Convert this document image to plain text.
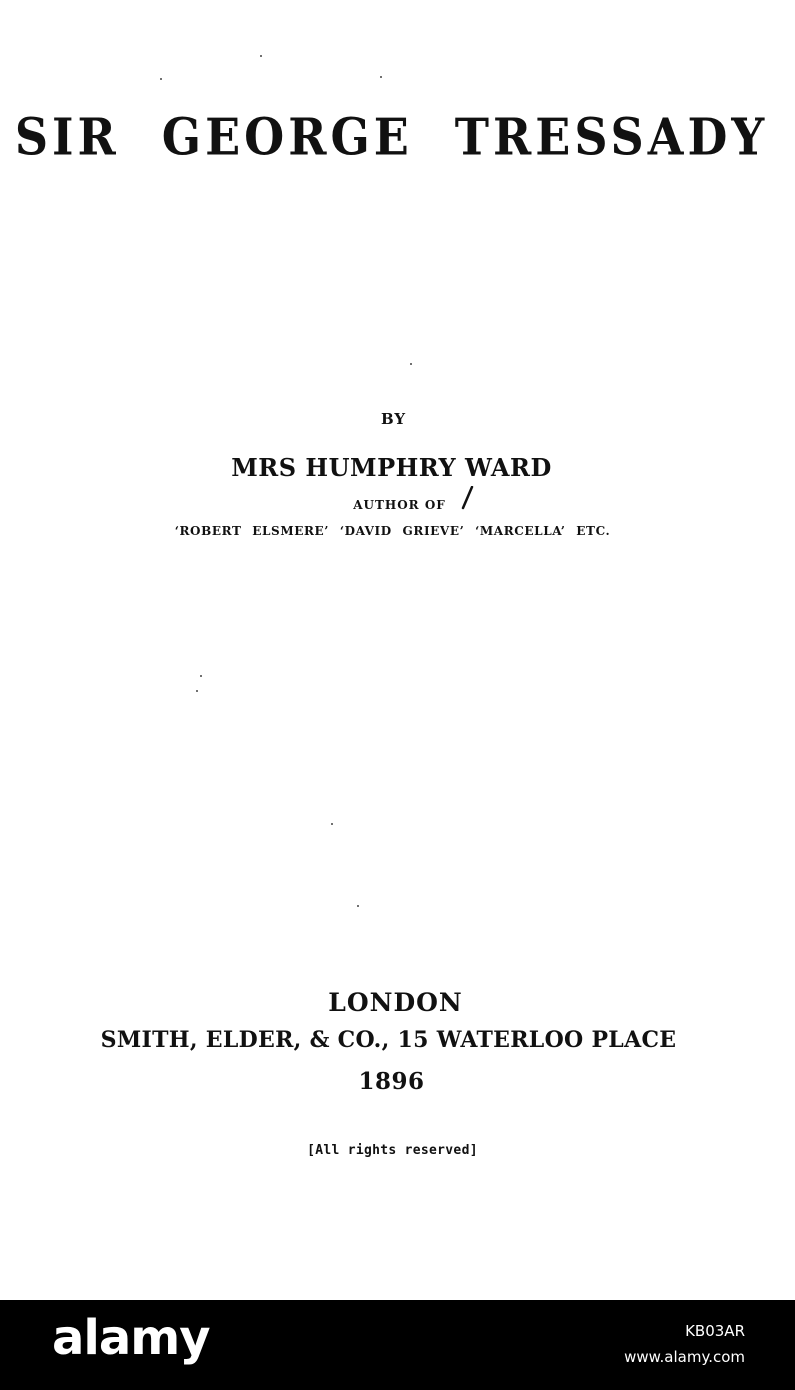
SIR GEORGE TRESSADY
BY
MRS HUMPHRY WARD
AUTHOR OF
‘ROBERT ELSMERE’ ‘DAVID GRIEVE’ ‘MARCELLA’ ETC.
LONDON
SMITH, ELDER, & CO., 15 WATERLOO PLACE
1896
[All rights reserved]
alamy	KB03AR
www.alamy.com
